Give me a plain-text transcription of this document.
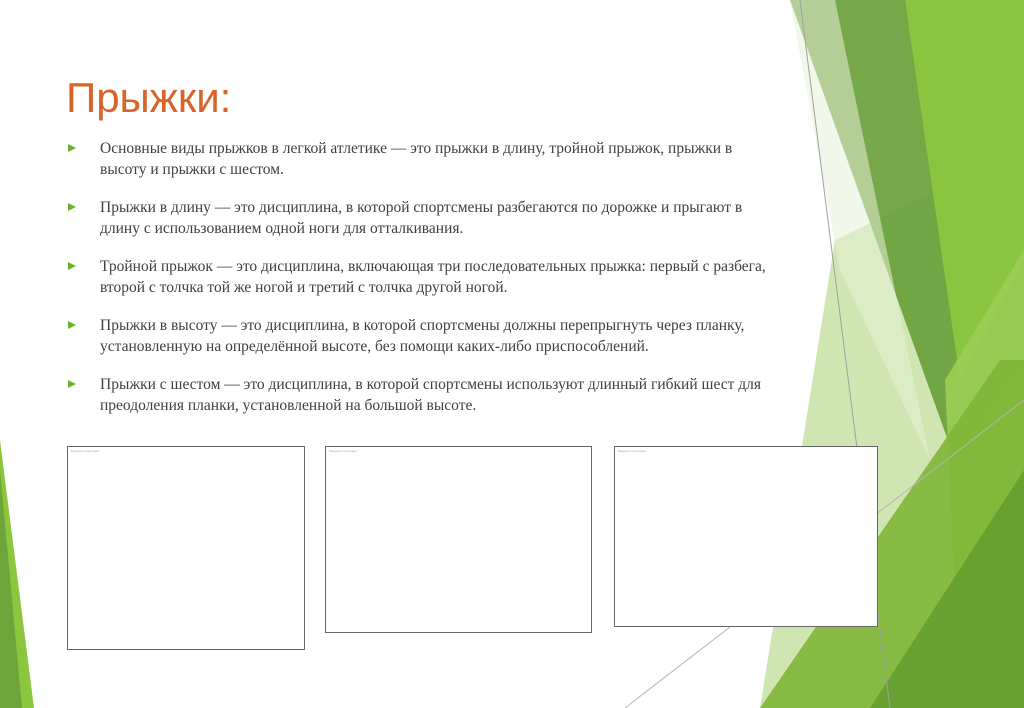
Прыжки:
Основные виды прыжков в легкой атлетике — это прыжки в длину, тройной прыжок, прыжки в высоту и прыжки с шестом.
Прыжки в длину — это дисциплина, в которой спортсмены разбегаются по дорожке и прыгают в длину с использованием одной ноги для отталкивания.
Тройной прыжок — это дисциплина, включающая три последовательных прыжка: первый с разбега, второй с толчка той же ногой и третий с толчка другой ногой.
Прыжки в высоту — это дисциплина, в которой спортсмены должны перепрыгнуть через планку, установленную на определённой высоте, без помощи каких-либо приспособлений.
Прыжки с шестом — это дисциплина, в которой спортсмены используют длинный гибкий шест для преодоления планки, установленной на большой высоте.
Рисунок отсутствует	Рисунок отсутствует	Рисунок отсутствует
